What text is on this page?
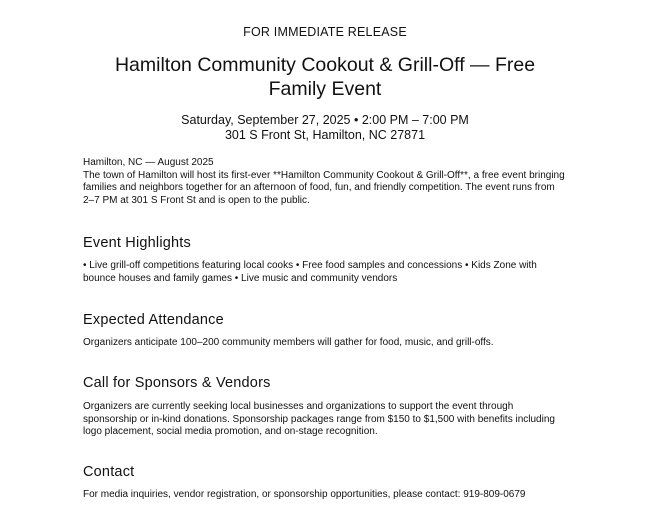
FOR IMMEDIATE RELEASE
Hamilton Community Cookout & Grill-Off — Free
Family Event
Saturday, September 27, 2025 • 2:00 PM – 7:00 PM
301 S Front St, Hamilton, NC 27871
Hamilton, NC — August 2025
The town of Hamilton will host its first-ever **Hamilton Community Cookout & Grill-Off**, a free event bringing families and neighbors together for an afternoon of food, fun, and friendly competition. The event runs from 2–7 PM at 301 S Front St and is open to the public.
Event Highlights
• Live grill-off competitions featuring local cooks • Free food samples and concessions • Kids Zone with bounce houses and family games • Live music and community vendors
Expected Attendance
Organizers anticipate 100–200 community members will gather for food, music, and grill-offs.
Call for Sponsors & Vendors
Organizers are currently seeking local businesses and organizations to support the event through sponsorship or in-kind donations. Sponsorship packages range from $150 to $1,500 with benefits including logo placement, social media promotion, and on-stage recognition.
Contact
For media inquiries, vendor registration, or sponsorship opportunities, please contact: 919-809-0679
